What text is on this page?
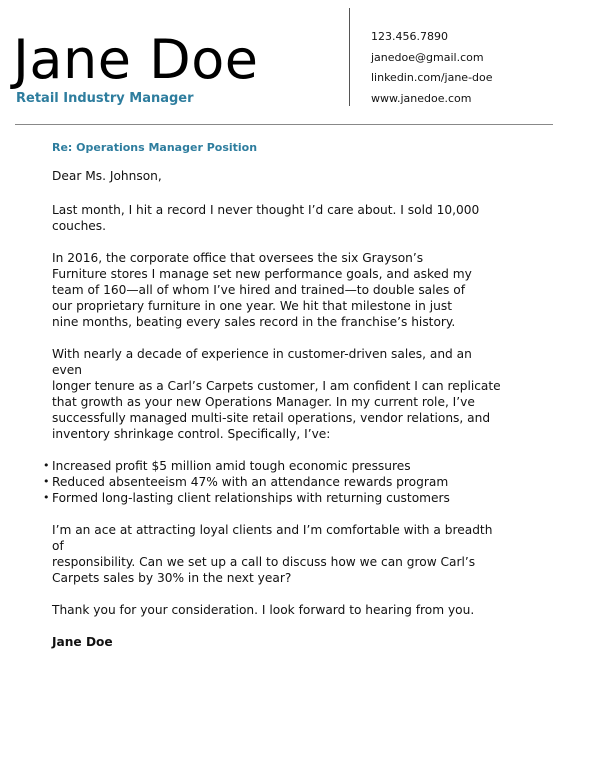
Jane Doe
Retail Industry Manager
123.456.7890
janedoe@gmail.com
linkedin.com/jane-doe
www.janedoe.com
Re: Operations Manager Position

Dear Ms. Johnson,

Last month, I hit a record I never thought I’d care about. I sold 10,000
couches.

In 2016, the corporate office that oversees the six Grayson’s
Furniture stores I manage set new performance goals, and asked my
team of 160—all of whom I’ve hired and trained—to double sales of
our proprietary furniture in one year. We hit that milestone in just
nine months, beating every sales record in the franchise’s history.

With nearly a decade of experience in customer-driven sales, and an even
longer tenure as a Carl’s Carpets customer, I am confident I can replicate
that growth as your new Operations Manager. In my current role, I’ve
successfully managed multi-site retail operations, vendor relations, and
inventory shrinkage control. Specifically, I’ve:

• Increased profit $5 million amid tough economic pressures
• Reduced absenteeism 47% with an attendance rewards program
• Formed long-lasting client relationships with returning customers

I’m an ace at attracting loyal clients and I’m comfortable with a breadth of
responsibility. Can we set up a call to discuss how we can grow Carl’s
Carpets sales by 30% in the next year?

Thank you for your consideration. I look forward to hearing from you.

Jane Doe
